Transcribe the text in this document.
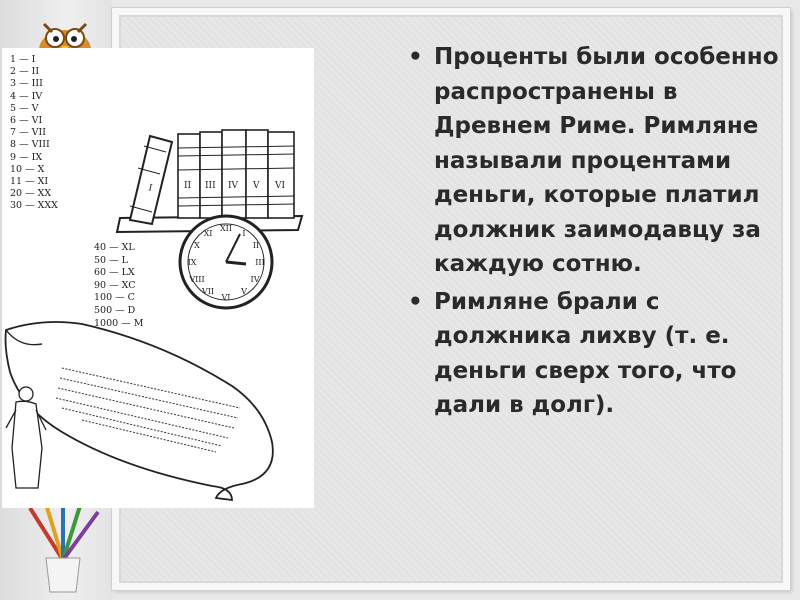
I	II III IV V VI
XII
I
II
III
IV
V
VI
VII
VIII
IX
X
XI
1 — I
2 — II
3 — III
4 — IV
5 — V
6 — VI
7 — VII
8 — VIII
9 — IX
10 — X
11 — XI
20 — XX
30 — XXX
40 — XL
50 — L
60 — LX
90 — XC
100 — C
500 — D
1000 — M
• Проценты были особенно распространены в Древнем Риме. Римляне называли процентами деньги, которые платил должник заимодавцу за каждую сотню.
• Римляне брали с должника лихву (т. е. деньги сверх того, что дали в долг).
